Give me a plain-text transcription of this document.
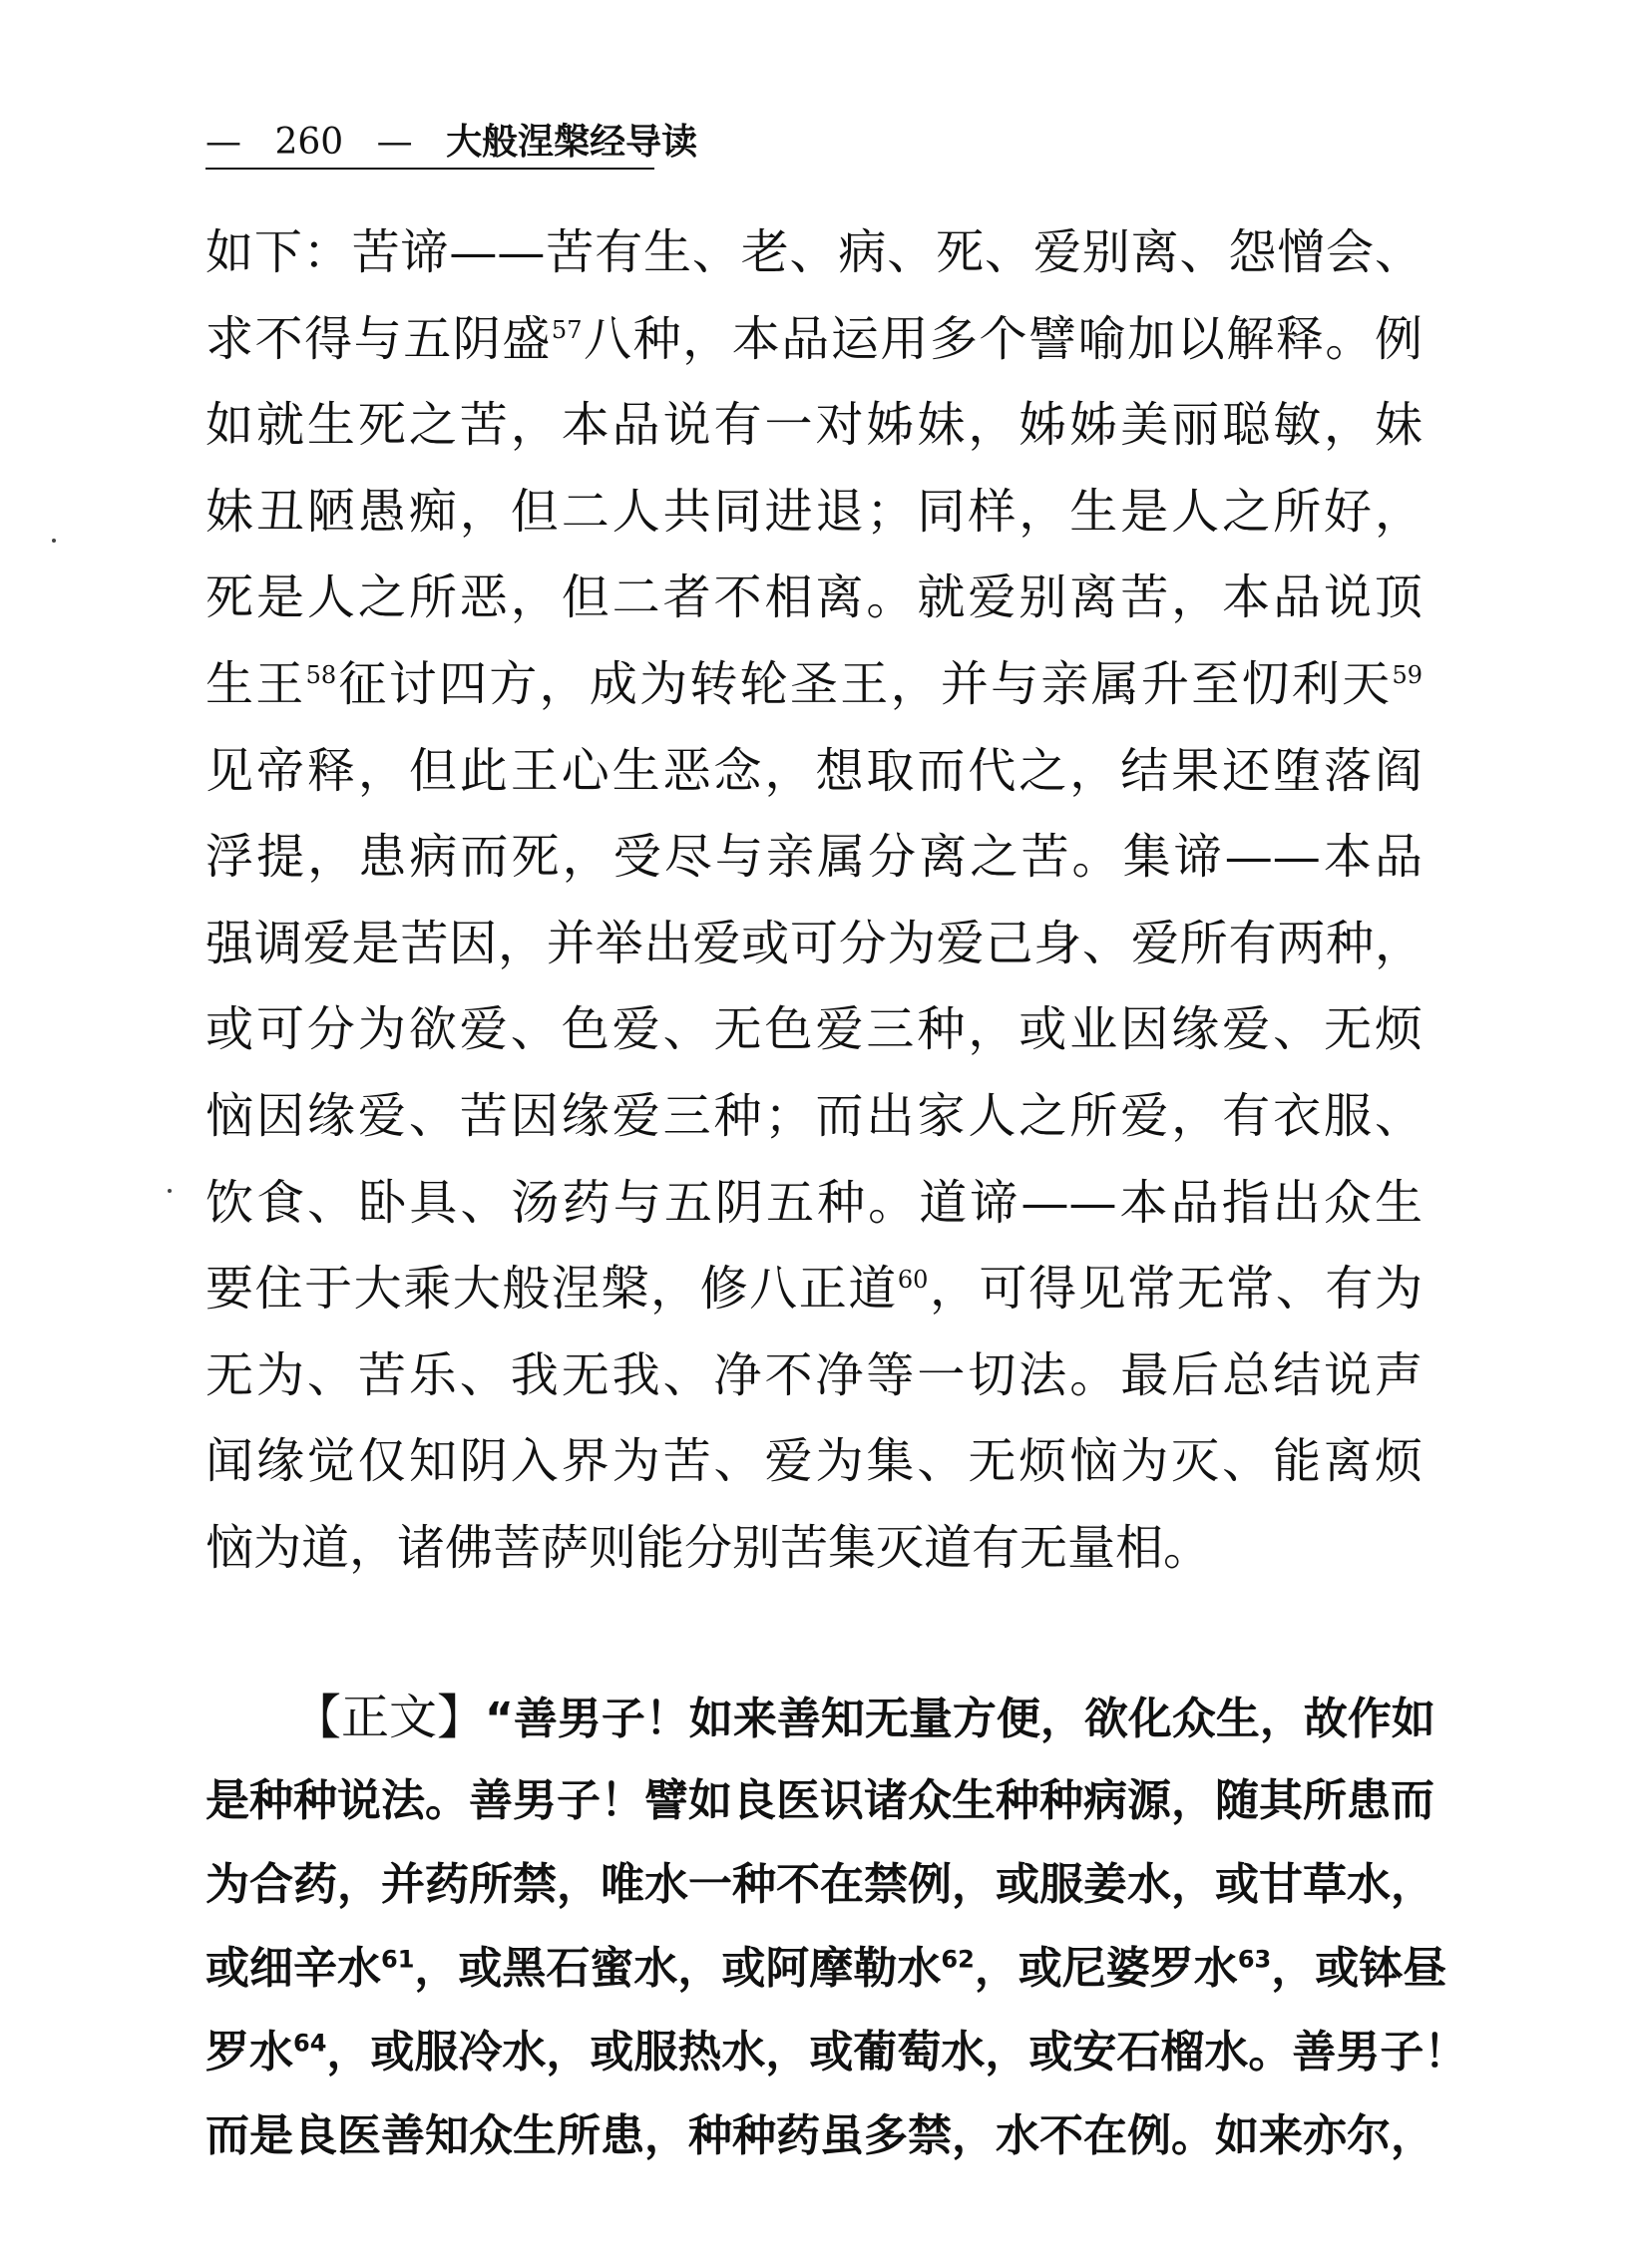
— 260 — 大般涅槃经导读
如下：苦谛——苦有生、老、病、死、爱别离、怨憎会、
求不得与五阴盛$^{57}$八种，本品运用多个譬喻加以解释。例
如就生死之苦，本品说有一对姊妹，姊姊美丽聪敏，妹
妹丑陋愚痴，但二人共同进退；同样，生是人之所好，
死是人之所恶，但二者不相离。就爱别离苦，本品说顶
生王$^{58}$征讨四方，成为转轮圣王，并与亲属升至忉利天$^{59}$
见帝释，但此王心生恶念，想取而代之，结果还堕落阎
浮提，患病而死，受尽与亲属分离之苦。集谛——本品
强调爱是苦因，并举出爱或可分为爱己身、爱所有两种，
或可分为欲爱、色爱、无色爱三种，或业因缘爱、无烦
恼因缘爱、苦因缘爱三种；而出家人之所爱，有衣服、
饮食、卧具、汤药与五阴五种。道谛——本品指出众生
要住于大乘大般涅槃，修八正道$^{60}$，可得见常无常、有为
无为、苦乐、我无我、净不净等一切法。最后总结说声
闻缘觉仅知阴入界为苦、爱为集、无烦恼为灭、能离烦
恼为道，诸佛菩萨则能分别苦集灭道有无量相。
【正文】“善男子！如来善知无量方便，欲化众生，故作如
是种种说法。善男子！譬如良医识诸众生种种病源，随其所患而
为合药，并药所禁，唯水一种不在禁例，或服姜水，或甘草水，
或细辛水$^{61}$，或黑石蜜水，或阿摩勒水$^{62}$，或尼婆罗水$^{63}$，或钵昼
罗水$^{64}$，或服冷水，或服热水，或葡萄水，或安石榴水。善男子！
而是良医善知众生所患，种种药虽多禁，水不在例。如来亦尔，
